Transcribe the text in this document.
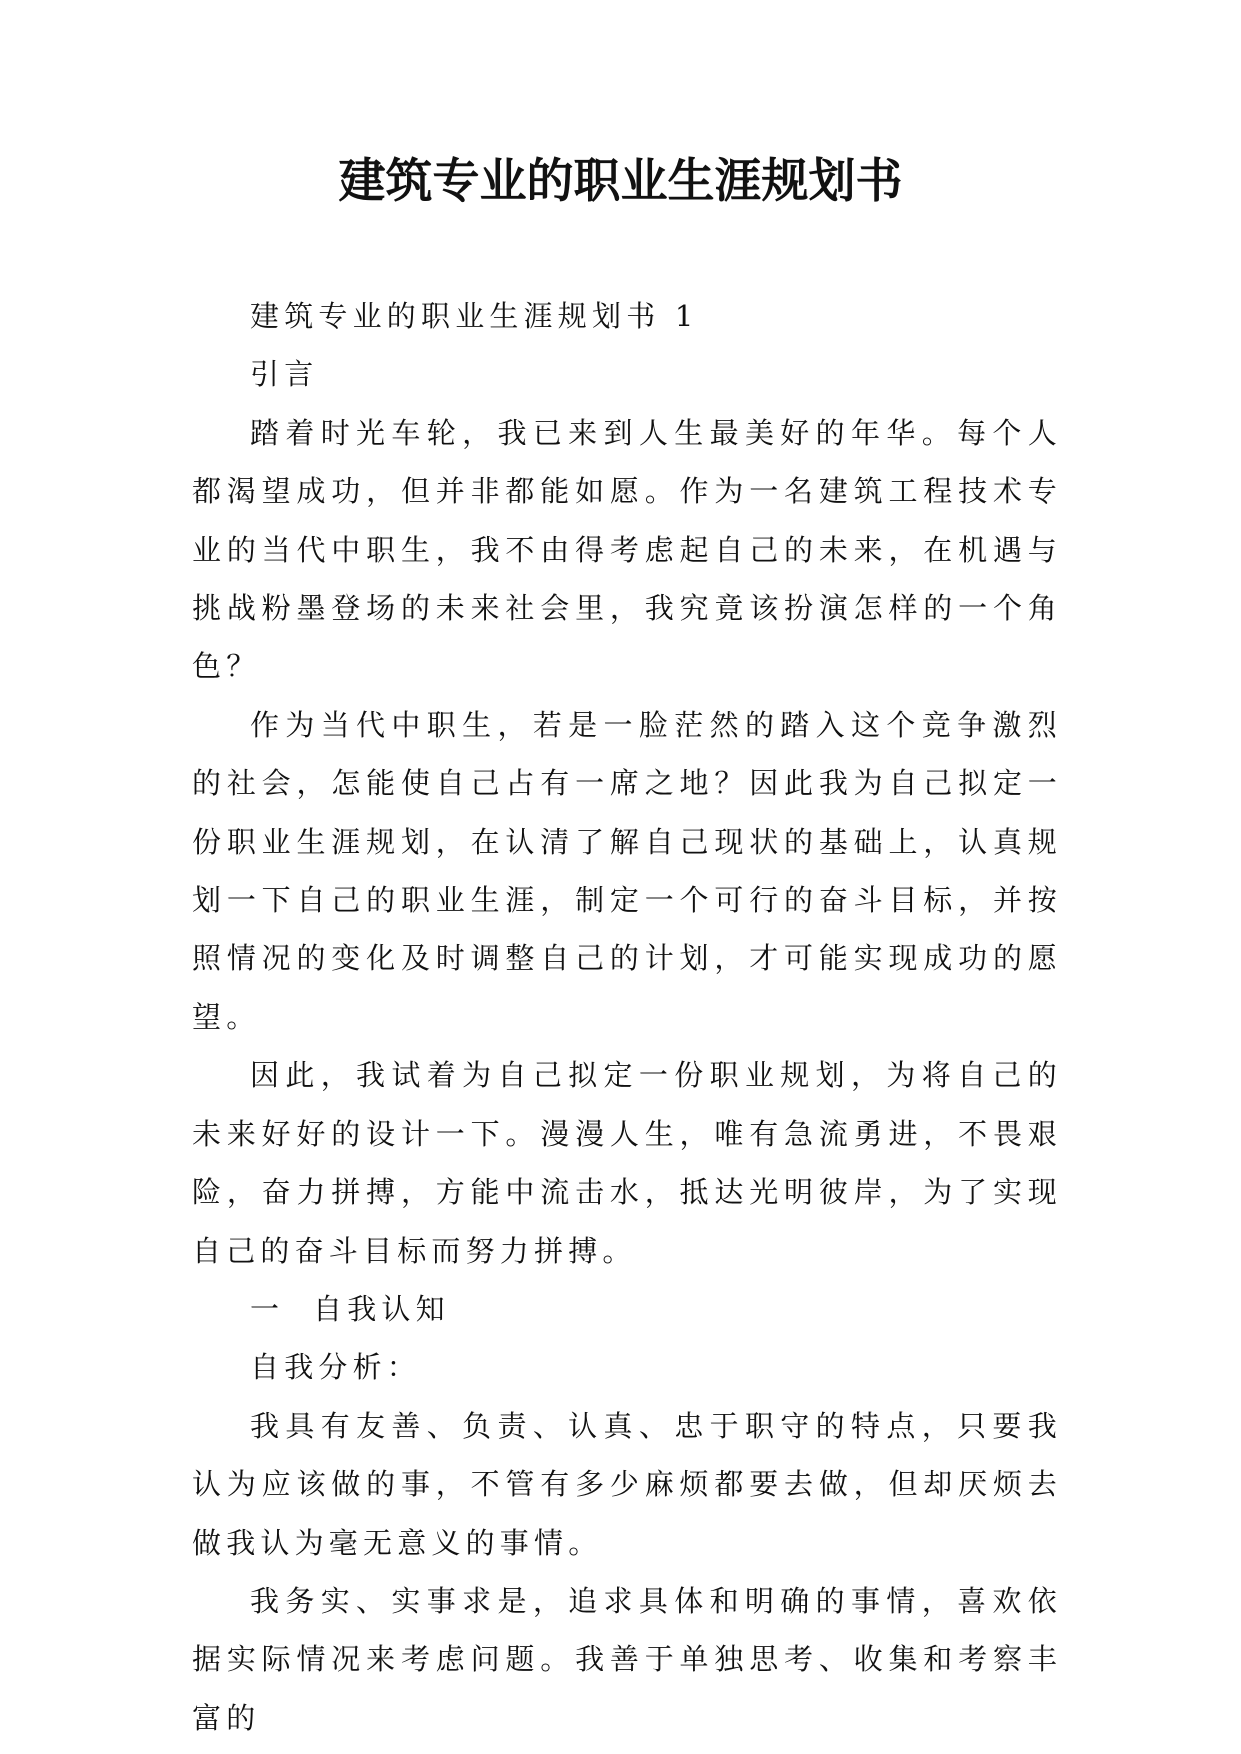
建筑专业的职业生涯规划书

建筑专业的职业生涯规划书 1

引言

踏着时光车轮，我已来到人生最美好的年华。每个人都渴望成功，但并非都能如愿。作为一名建筑工程技术专业的当代中职生，我不由得考虑起自己的未来，在机遇与挑战粉墨登场的未来社会里，我究竟该扮演怎样的一个角色？

作为当代中职生，若是一脸茫然的踏入这个竞争激烈的社会，怎能使自己占有一席之地？因此我为自己拟定一份职业生涯规划，在认清了解自己现状的基础上，认真规划一下自己的职业生涯，制定一个可行的奋斗目标，并按照情况的变化及时调整自己的计划，才可能实现成功的愿望。

因此，我试着为自己拟定一份职业规划，为将自己的未来好好的设计一下。漫漫人生，唯有急流勇进，不畏艰险，奋力拼搏，方能中流击水，抵达光明彼岸，为了实现自己的奋斗目标而努力拼搏。

一  自我认知

自我分析：

我具有友善、负责、认真、忠于职守的特点，只要我认为应该做的事，不管有多少麻烦都要去做，但却厌烦去做我认为毫无意义的事情。

我务实、实事求是，追求具体和明确的事情，喜欢依据实际情况来考虑问题。我善于单独思考、收集和考察丰富的
